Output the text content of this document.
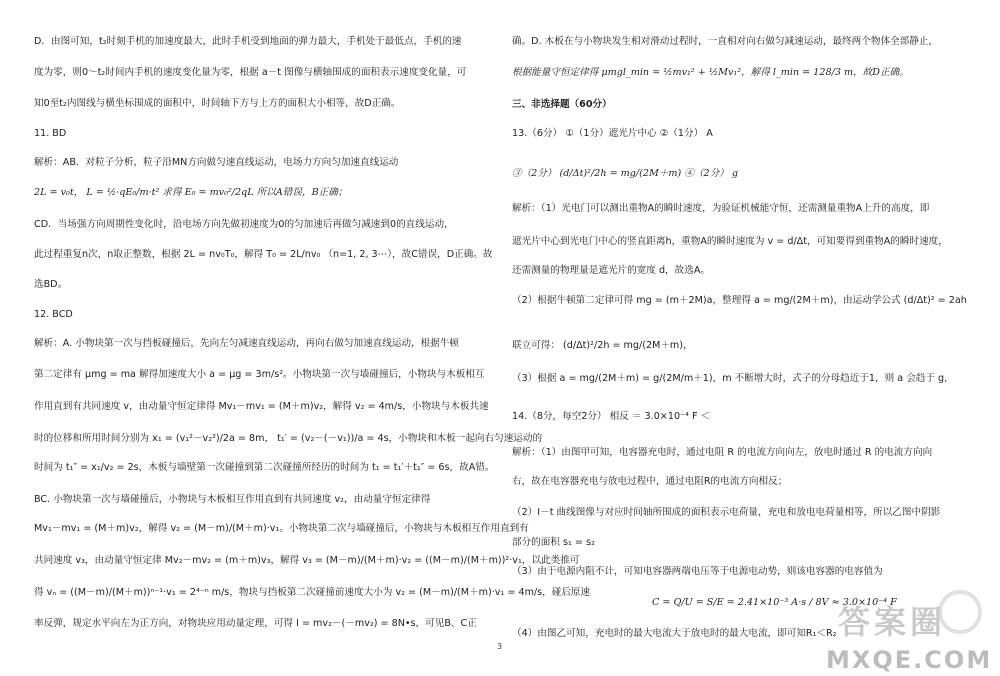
D．由图可知，t₂时刻手机的加速度最大，此时手机受到地面的弹力最大，手机处于最低点，手机的速
度为零，则0～t₂时间内手机的速度变化量为零，根据 a－t 图像与横轴围成的面积表示速度变化量，可
知0至t₂内图线与横坐标围成的面积中，时间轴下方与上方的面积大小相等，故D正确。
11. BD
解析：AB．对粒子分析，粒子沿MN方向做匀速直线运动，电场力方向匀加速直线运动
2L = v₀t， L = ½·qE₀/m·t² 求得 E₀ = mv₀²/2qL 所以A错误，B正确；
CD．当场强方向周期性变化时，沿电场方向先做初速度为0的匀加速后再做匀减速到0的直线运动，
此过程重复n次，n取正整数，根据 2L = nv₀T₀，解得 T₀ = 2L/nv₀ （n=1, 2, 3⋯），故C错误，D正确。故
选BD。
12. BCD
解析：A. 小物块第一次与挡板碰撞后，先向左匀减速直线运动，再向右做匀加速直线运动，根据牛顿
第二定律有 μmg = ma 解得加速度大小 a = μg = 3m/s²。小物块第一次与墙碰撞后，小物块与木板相互
作用直到有共同速度 v，由动量守恒定律得 Mv₁－mv₁ = (M＋m)v₂，解得 v₂ = 4m/s，小物块与木板共速
时的位移和所用时间分别为 x₁ = (v₁²－v₂²)/2a = 8m， t₁′ = (v₂－(－v₁))/a = 4s，小物块和木板一起向右匀速运动的
时间为 t₁″ = x₁/v₂ = 2s，木板与墙壁第一次碰撞到第二次碰撞所经历的时间为 t₁ = t₁′＋t₁″ = 6s，故A错。
BC. 小物块第一次与墙碰撞后，小物块与木板相互作用直到有共同速度 v₂，由动量守恒定律得
Mv₁－mv₁ = (M＋m)v₂，解得 v₂ = (M－m)/(M＋m)·v₁。小物块第二次与墙碰撞后，小物块与木板相互作用直到有
共同速度 v₃，由动量守恒定律 Mv₂－mv₂ = (m＋m)v₃，解得 v₃ = (M－m)/(M＋m)·v₂ = ((M－m)/(M＋m))²·v₁，以此类推可
得 vₙ = ((M－m)/(M＋m))ⁿ⁻¹·v₁ = 2⁴⁻ⁿ m/s，物块与挡板第二次碰撞前速度大小为 v₂ = (M－m)/(M＋m)·v₁ = 4m/s，碰后原速
率反弹，规定水平向左为正方向，对物块应用动量定理，可得 I = mv₂－(－mv₂) = 8N•s，可见B、C正
确。D. 木板在与小物块发生相对滑动过程时，一直相对向右做匀减速运动，最终两个物体全部静止，
根据能量守恒定律得 μmgl_min = ½mv₁² + ½Mv₁²，解得 l_min = 128/3 m，故D正确。
三、非选择题（60分）
13.（6分） ①（1分）遮光片中心 ②（1分） A
③（2分） (d/Δt)²/2h = mg/(2M＋m) ④（2分） g
解析：（1）光电门可以测出重物A的瞬时速度，为验证机械能守恒，还需测量重物A上升的高度，即
遮光片中心到光电门中心的竖直距离h，重物A的瞬时速度为 v = d/Δt，可知要得到重物A的瞬时速度，
还需测量的物理量是遮光片的宽度 d，故选A。
（2）根据牛顿第二定律可得 mg = (m＋2M)a，整理得 a = mg/(2M＋m)，由运动学公式 (d/Δt)² = 2ah
联立可得： (d/Δt)²/2h = mg/(2M＋m)，
（3）根据 a = mg/(2M＋m) = g/(2M/m＋1)，m 不断增大时，式子的分母趋近于1，则 a 会趋于 g，
14.（8分，每空2分） 相反 ＝ 3.0×10⁻⁴ F ＜
解析：（1）由图甲可知，电容器充电时，通过电阻 R 的电流方向向左，放电时通过 R 的电流方向向
右，故在电容器充电与放电过程中，通过电阻R的电流方向相反；
（2）I－t 曲线图像与对应时间轴所围成的面积表示电荷量，充电和放电电荷量相等，所以乙图中阴影
部分的面积 s₁ = s₂
（3）由于电源内阻不计，可知电容器两端电压等于电源电动势，则该电容器的电容值为
C = Q/U = S/E = 2.41×10⁻³ A·s / 8V ≈ 3.0×10⁻⁴ F
（4）由图乙可知，充电时的最大电流大于放电时的最大电流，即可知R₁＜R₂
3
答案圈
MXQE.COM
